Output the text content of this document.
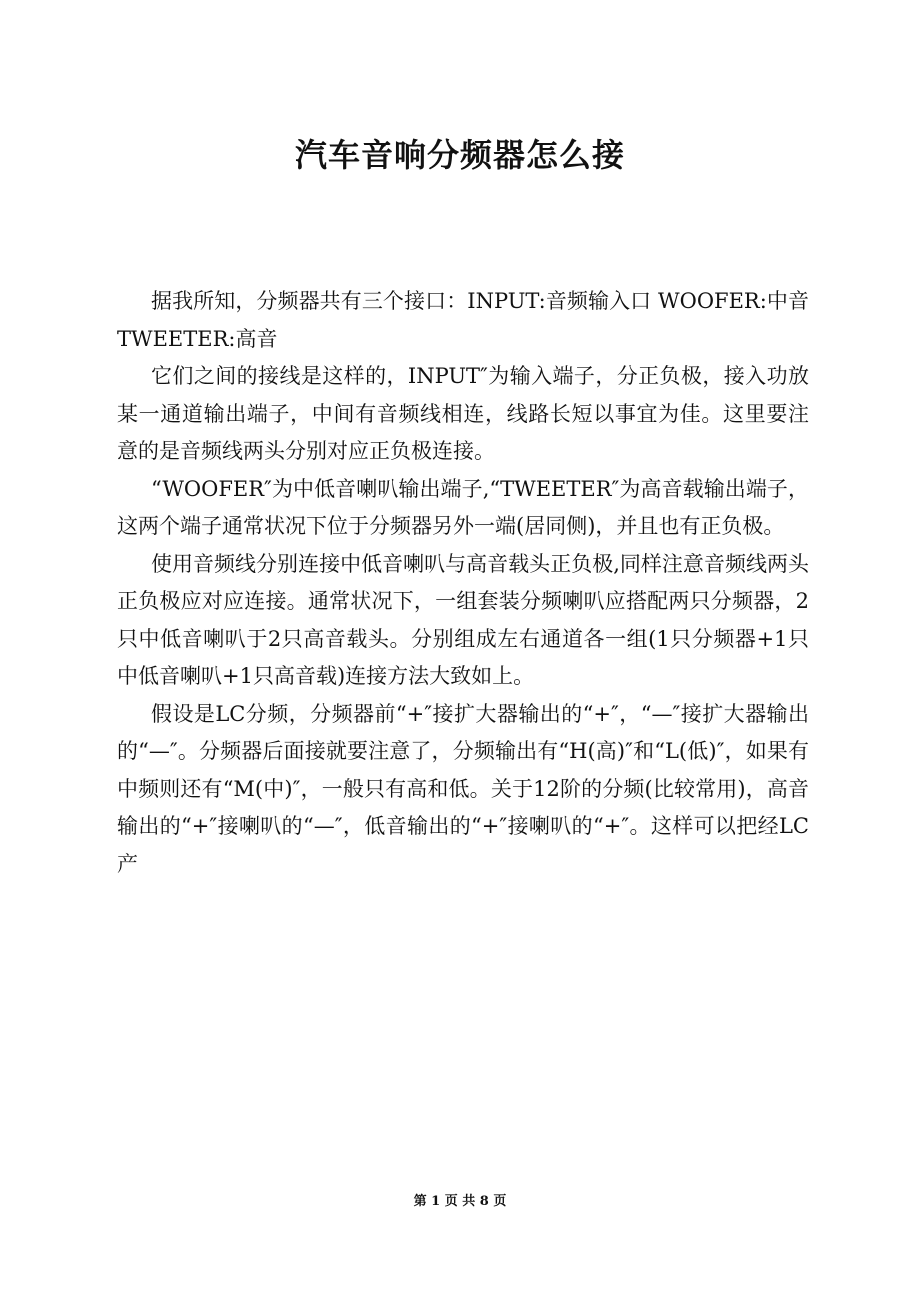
汽车音响分频器怎么接

据我所知，分频器共有三个接口：INPUT:音频输入口 WOOFER:中音 TWEETER:高音

它们之间的接线是这样的，INPUT″为输入端子，分正负极，接入功放某一通道输出端子，中间有音频线相连，线路长短以事宜为佳。这里要注意的是音频线两头分别对应正负极连接。

“WOOFER″为中低音喇叭输出端子,“TWEETER″为高音载输出端子，这两个端子通常状况下位于分频器另外一端(居同侧)，并且也有正负极。

使用音频线分别连接中低音喇叭与高音载头正负极,同样注意音频线两头正负极应对应连接。通常状况下，一组套装分频喇叭应搭配两只分频器，2只中低音喇叭于2只高音载头。分别组成左右通道各一组(1只分频器+1只中低音喇叭+1只高音载)连接方法大致如上。

假设是LC分频，分频器前“+″接扩大器输出的“+″，“—″接扩大器输出的“—″。分频器后面接就要注意了，分频输出有“H(高)″和“L(低)″，如果有中频则还有“M(中)″，一般只有高和低。关于12阶的分频(比较常用)，高音输出的“+″接喇叭的“—″，低音输出的“+″接喇叭的“+″。这样可以把经LC产

第 1 页 共 8 页
